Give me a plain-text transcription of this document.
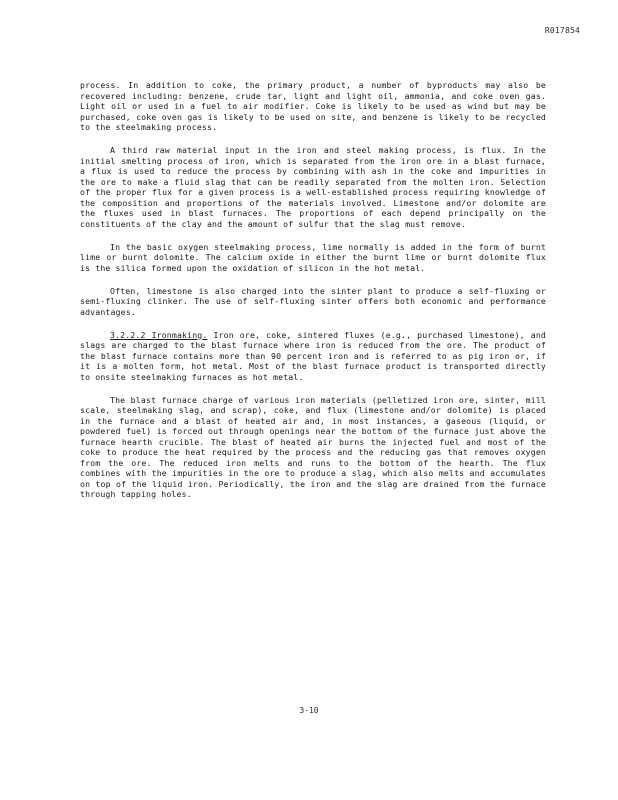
R017854

process. In addition to coke, the primary product, a number of byproducts may also be recovered including: benzene, crude tar, light and light oil, ammonia, and coke oven gas. Light oil or used in a fuel to air modifier. Coke is likely to be used as wind but may be purchased, coke oven gas is likely to be used on site, and benzene is likely to be recycled to the steelmaking process.

A third raw material input in the iron and steel making process, is flux. In the initial smelting process of iron, which is separated from the iron ore in a blast furnace, a flux is used to reduce the process by combining with ash in the coke and impurities in the ore to make a fluid slag that can be readily separated from the molten iron. Selection of the proper flux for a given process is a well-established process requiring knowledge of the composition and proportions of the materials involved. Limestone and/or dolomite are the fluxes used in blast furnaces. The proportions of each depend principally on the constituents of the clay and the amount of sulfur that the slag must remove.

In the basic oxygen steelmaking process, lime normally is added in the form of burnt lime or burnt dolomite. The calcium oxide in either the burnt lime or burnt dolomite flux is the silica formed upon the oxidation of silicon in the hot metal.

Often, limestone is also charged into the sinter plant to produce a self-fluxing or semi-fluxing clinker. The use of self-fluxing sinter offers both economic and performance advantages.

3.2.2.2 Ironmaking. Iron ore, coke, sintered fluxes (e.g., purchased limestone), and slags are charged to the blast furnace where iron is reduced from the ore. The product of the blast furnace contains more than 90 percent iron and is referred to as pig iron or, if it is a molten form, hot metal. Most of the blast furnace product is transported directly to onsite steelmaking furnaces as hot metal.

The blast furnace charge of various iron materials (pelletized iron ore, sinter, mill scale, steelmaking slag, and scrap), coke, and flux (limestone and/or dolomite) is placed in the furnace and a blast of heated air and, in most instances, a gaseous (liquid, or powdered fuel) is forced out through openings near the bottom of the furnace just above the furnace hearth crucible. The blast of heated air burns the injected fuel and most of the coke to produce the heat required by the process and the reducing gas that removes oxygen from the ore. The reduced iron melts and runs to the bottom of the hearth. The flux combines with the impurities in the ore to produce a slag, which also melts and accumulates on top of the liquid iron. Periodically, the iron and the slag are drained from the furnace through tapping holes.

3-10
